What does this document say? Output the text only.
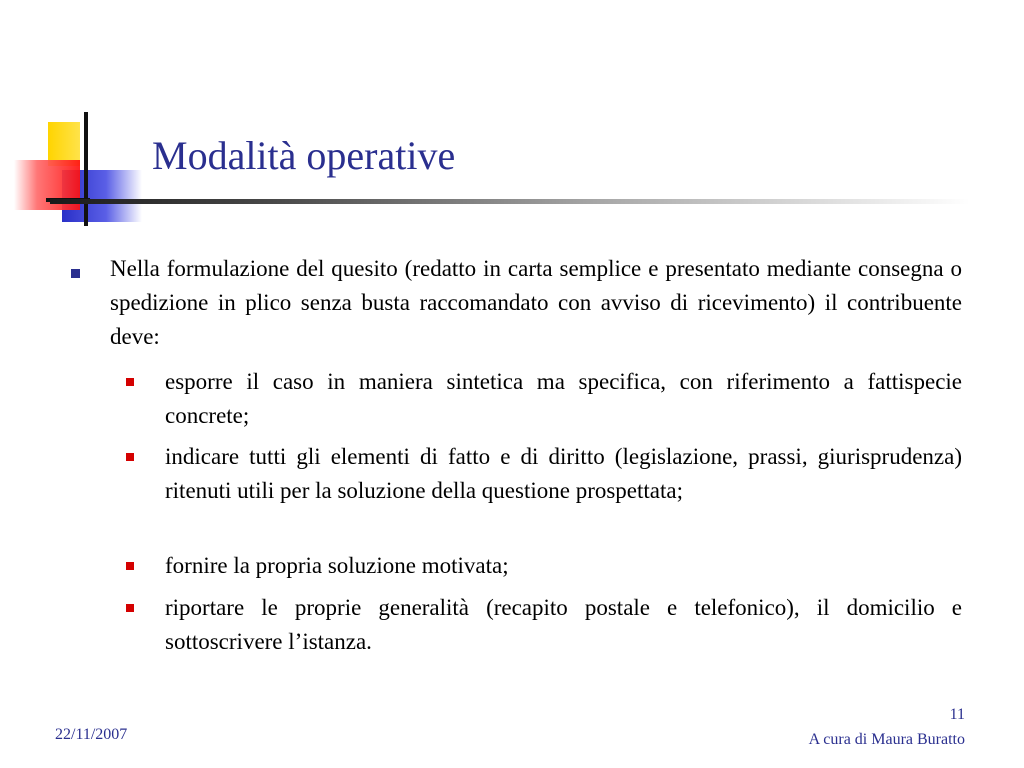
Modalità operative

Nella formulazione del quesito (redatto in carta semplice e presentato mediante consegna o spedizione in plico senza busta raccomandato con avviso di ricevimento) il contribuente deve:

esporre il caso in maniera sintetica ma specifica, con riferimento a fattispecie concrete;

indicare tutti gli elementi di fatto e di diritto (legislazione, prassi, giurisprudenza) ritenuti utili per la soluzione della questione prospettata;

fornire la propria soluzione motivata;

riportare le proprie generalità (recapito postale e telefonico), il domicilio e sottoscrivere l’istanza.

22/11/2007

11

A cura di Maura Buratto
